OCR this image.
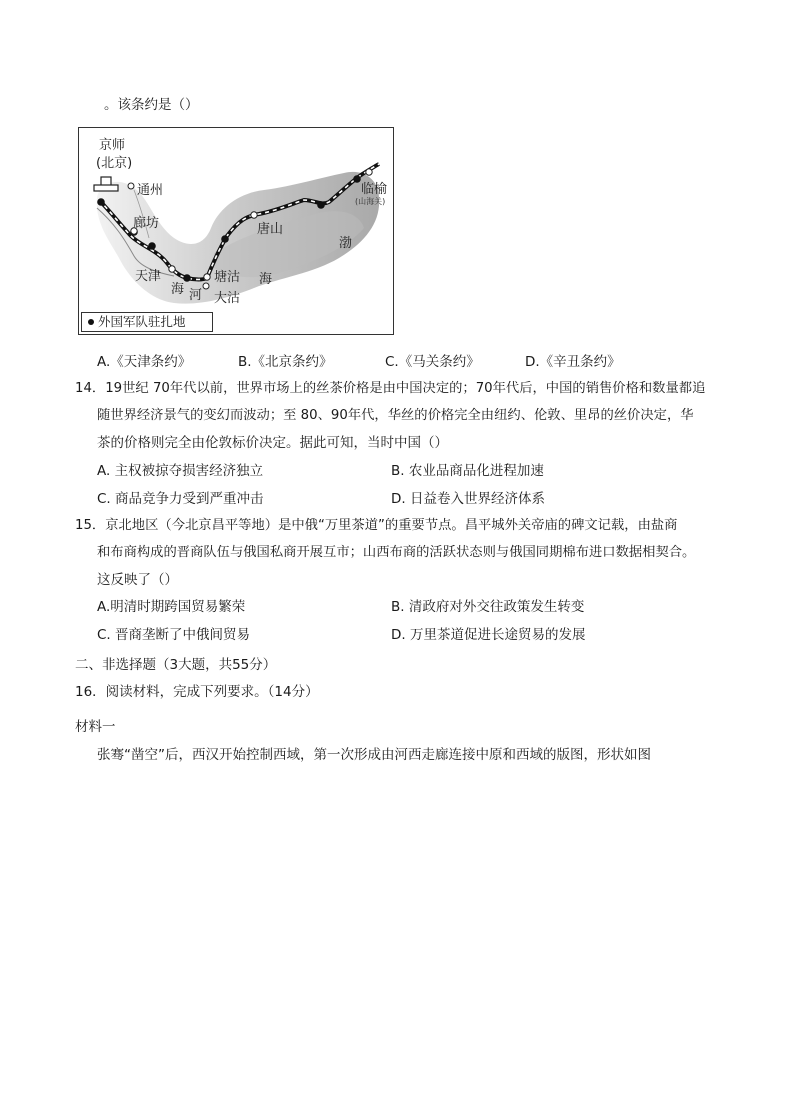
。该条约是（）
京师
(北京)
通州
廊坊
天津
海 河
塘沽
大沽
唐山
临榆
(山海关)
渤
海
外国军队驻扎地
A.《天津条约》	B.《北京条约》	C.《马关条约》	D.《辛丑条约》
14．19世纪 70年代以前，世界市场上的丝茶价格是由中国决定的；70年代后，中国的销售价格和数量都追
随世界经济景气的变幻而波动；至 80、90年代，华丝的价格完全由纽约、伦敦、里昂的丝价决定，华
茶的价格则完全由伦敦标价决定。据此可知，当时中国（）
A. 主权被掠夺损害经济独立	B. 农业品商品化进程加速
C. 商品竞争力受到严重冲击	D. 日益卷入世界经济体系
15．京北地区（今北京昌平等地）是中俄“万里茶道”的重要节点。昌平城外关帝庙的碑文记载，由盐商
和布商构成的晋商队伍与俄国私商开展互市；山西布商的活跃状态则与俄国同期棉布进口数据相契合。
这反映了（）
A.明清时期跨国贸易繁荣	B. 清政府对外交往政策发生转变
C. 晋商垄断了中俄间贸易	D. 万里茶道促进长途贸易的发展
二、非选择题（3大题，共55分）
16．阅读材料，完成下列要求。（14分）
材料一
张骞“凿空”后，西汉开始控制西域，第一次形成由河西走廊连接中原和西域的版图，形状如图
